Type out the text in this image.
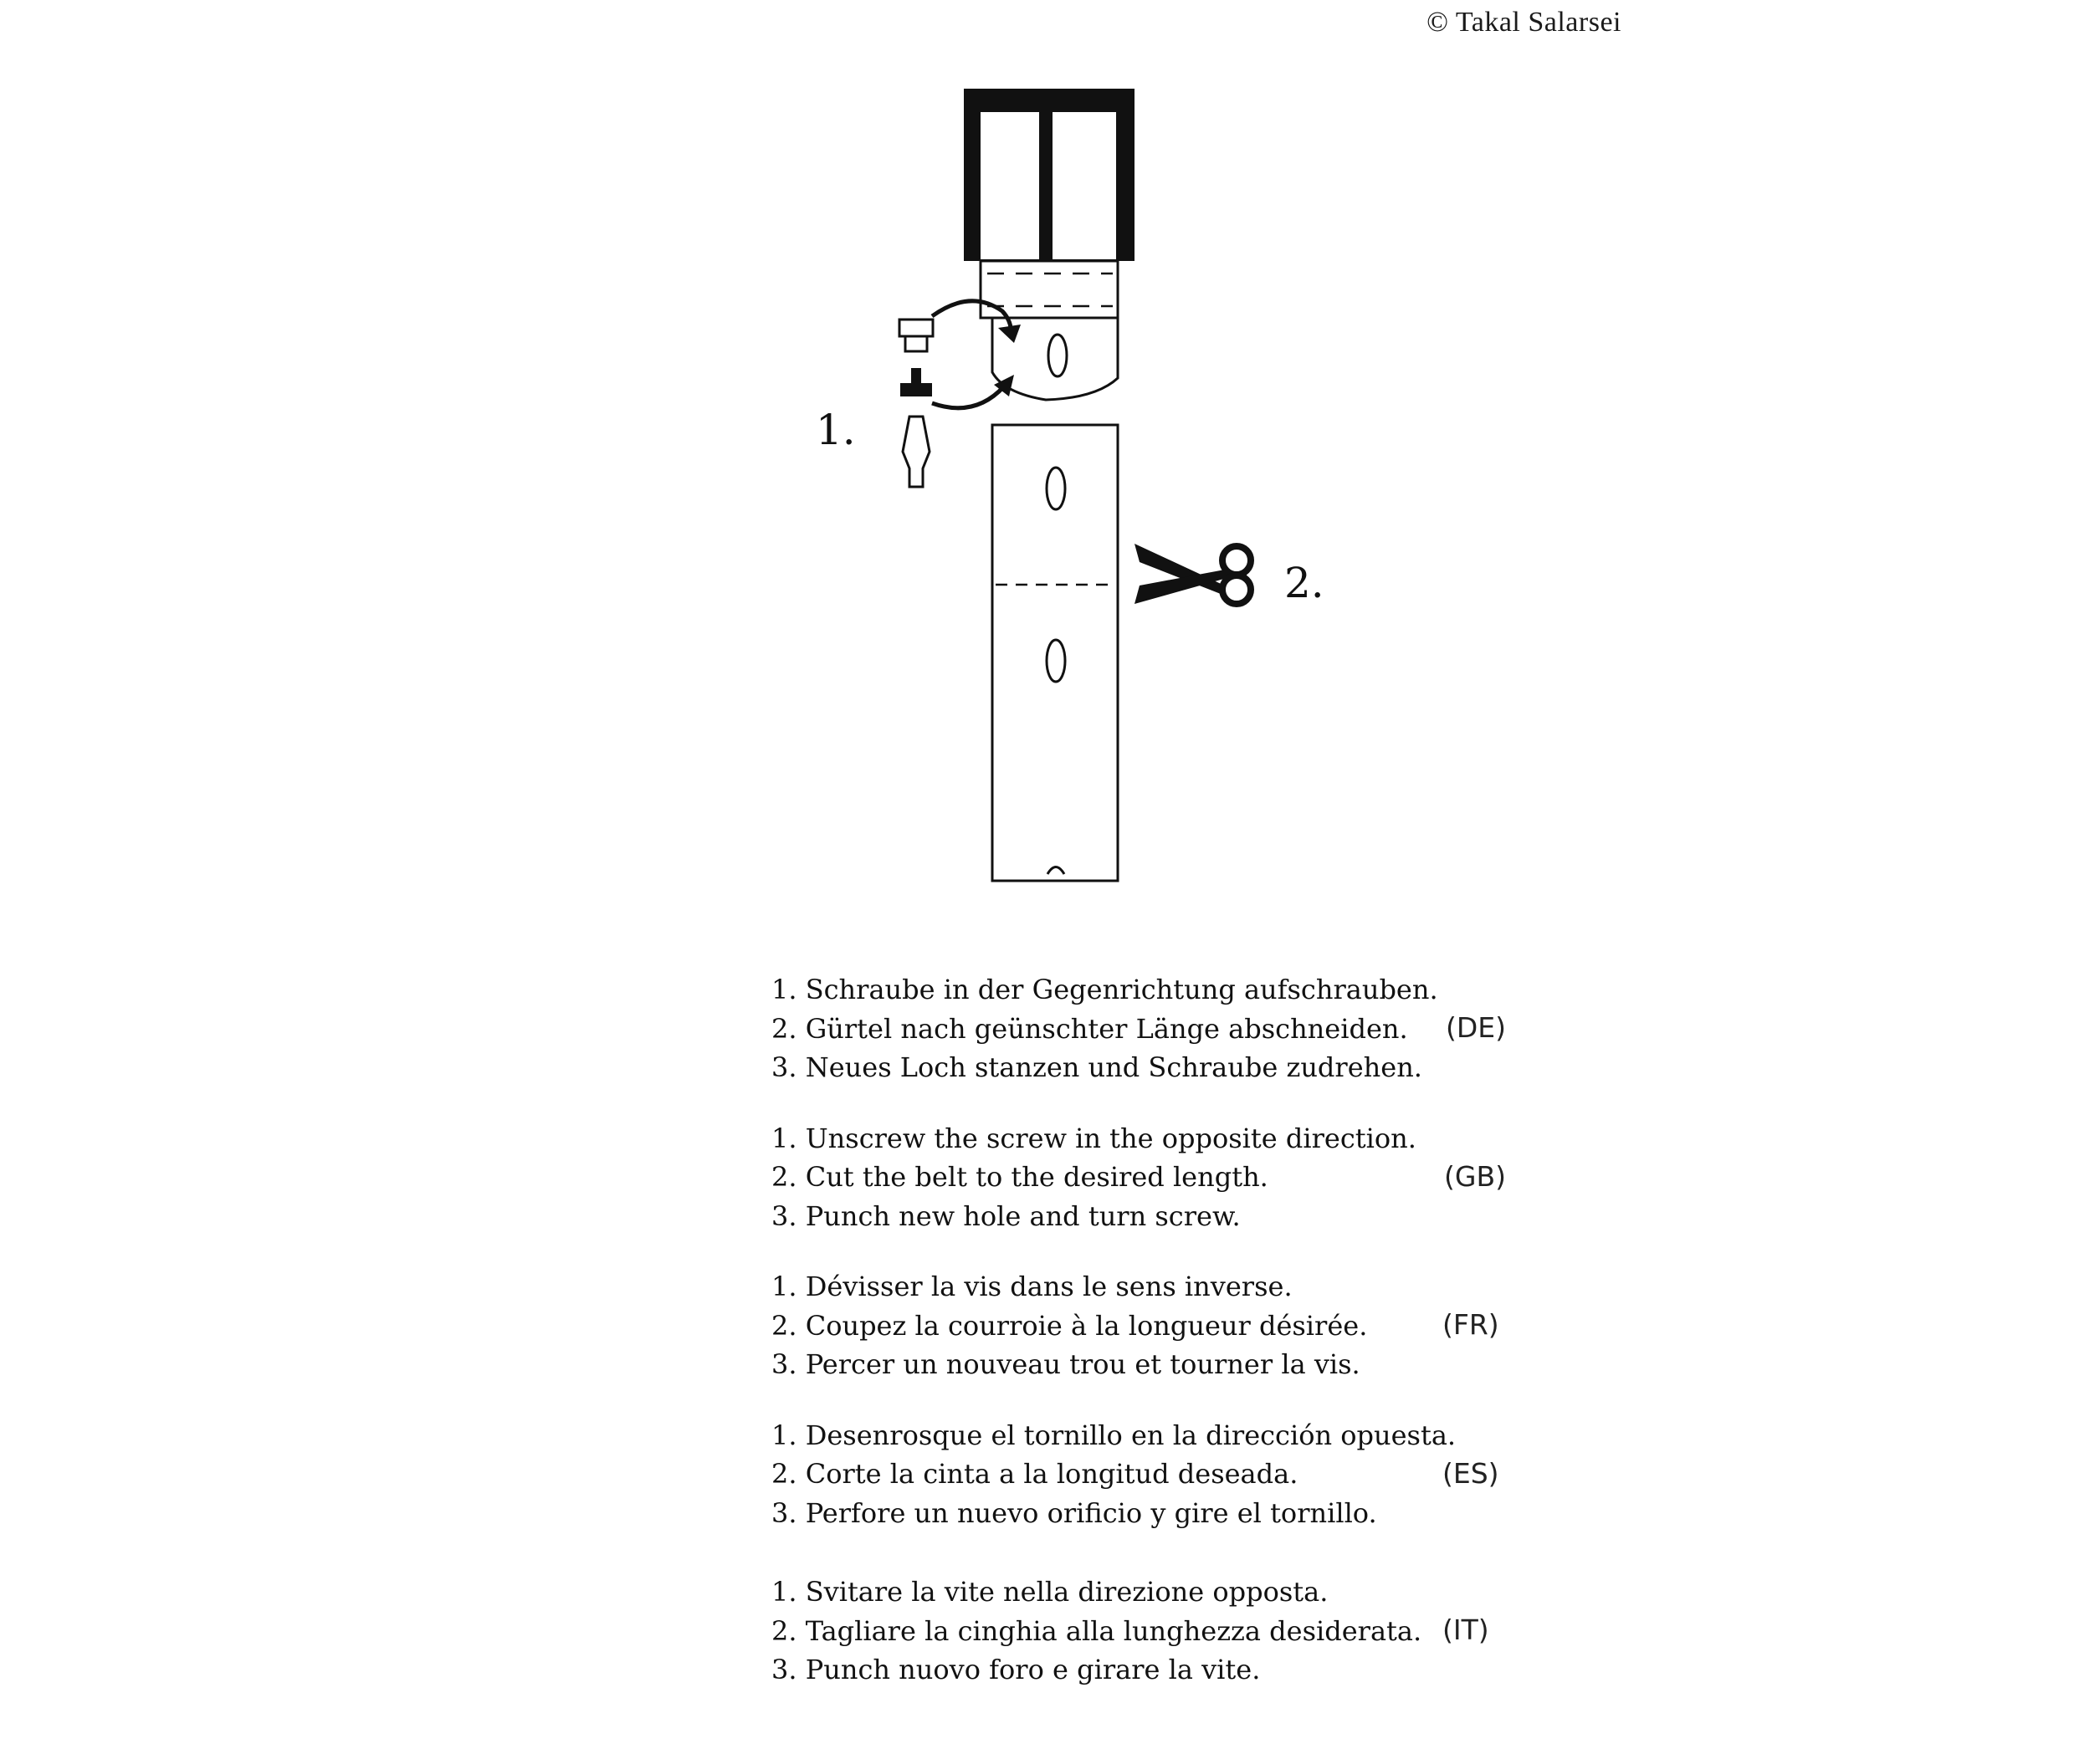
© Takal Salarsei
1.
2.
1. Schraube in der Gegenrichtung aufschrauben.
2. Gürtel nach geünschter Länge abschneiden.
3. Neues Loch stanzen und Schraube zudrehen.
(DE)
1. Unscrew the screw in the opposite direction.
2. Cut the belt to the desired length.
3. Punch new hole and turn screw.
(GB)
1. Dévisser la vis dans le sens inverse.
2. Coupez la courroie à la longueur désirée.
3. Percer un nouveau trou et tourner la vis.
(FR)
1. Desenrosque el tornillo en la dirección opuesta.
2. Corte la cinta a la longitud deseada.
3. Perfore un nuevo orificio y gire el tornillo.
(ES)
1. Svitare la vite nella direzione opposta.
2. Tagliare la cinghia alla lunghezza desiderata.
3. Punch nuovo foro e girare la vite.
(IT)
